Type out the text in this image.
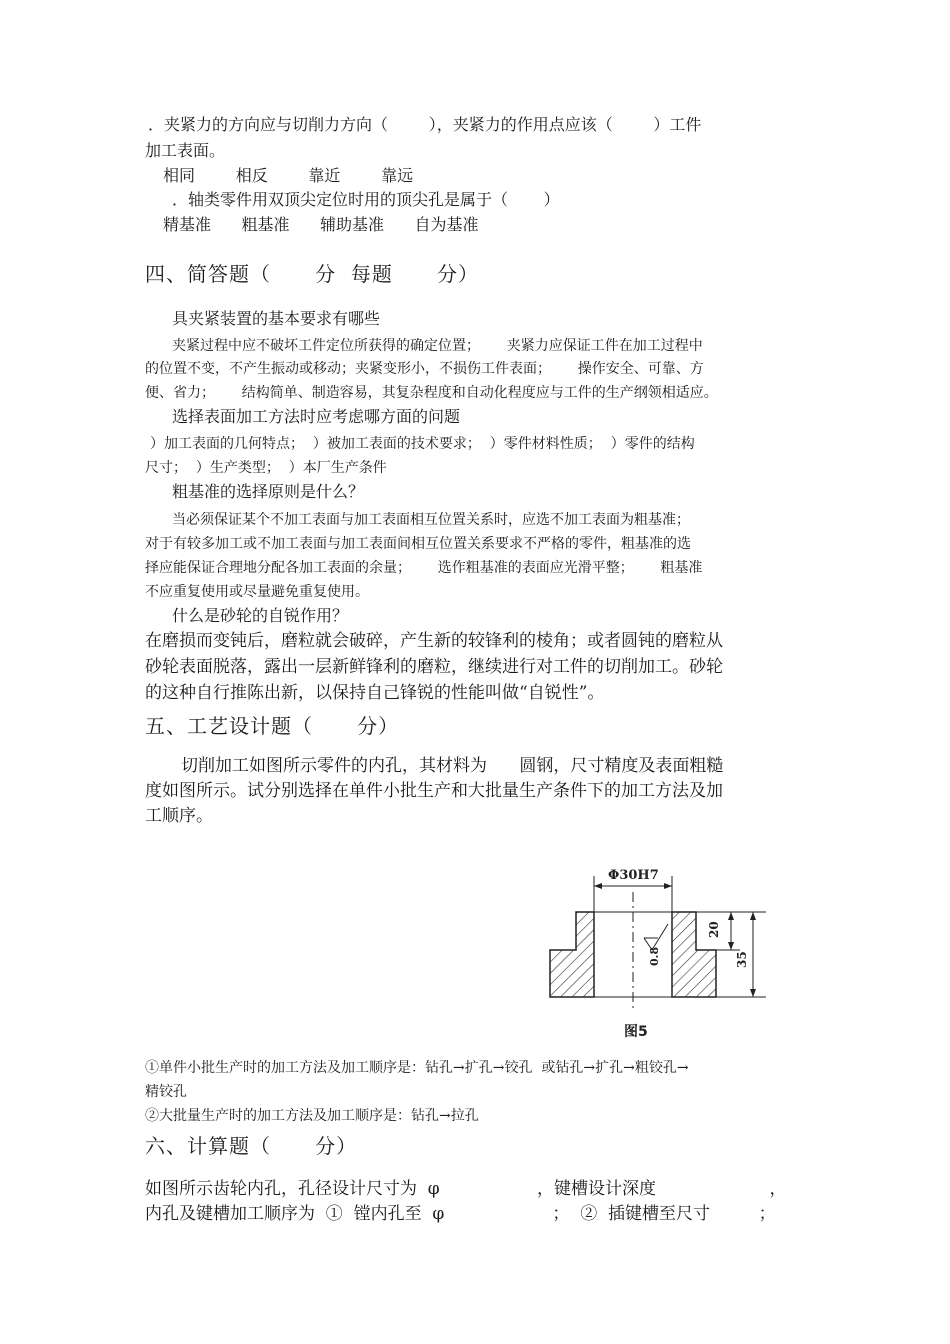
．夹紧力的方向应与切削力方向（        ），夹紧力的作用点应该（        ）工件
加工表面。
相同        相反        靠近        靠远
．轴类零件用双顶尖定位时用的顶尖孔是属于（       ）
精基准      粗基准      辅助基准      自为基准
四、简答题（      分  每题      分）
具夹紧装置的基本要求有哪些
夹紧过程中应不破坏工件定位所获得的确定位置；      夹紧力应保证工件在加工过程中
的位置不变，不产生振动或移动；夹紧变形小，不损伤工件表面；      操作安全、可靠、方
便、省力；      结构简单、制造容易，其复杂程度和自动化程度应与工件的生产纲领相适应。
选择表面加工方法时应考虑哪方面的问题
）加工表面的几何特点；  ）被加工表面的技术要求；  ）零件材料性质；  ）零件的结构
尺寸；  ）生产类型；  ）本厂生产条件
粗基准的选择原则是什么？
当必须保证某个不加工表面与加工表面相互位置关系时，应选不加工表面为粗基准；
对于有较多加工或不加工表面与加工表面间相互位置关系要求不严格的零件，粗基准的选
择应能保证合理地分配各加工表面的余量；      选作粗基准的表面应光滑平整；      粗基准
不应重复使用或尽量避免重复使用。
什么是砂轮的自锐作用？
在磨损而变钝后，磨粒就会破碎，产生新的较锋利的棱角；或者圆钝的磨粒从
砂轮表面脱落，露出一层新鲜锋利的磨粒，继续进行对工件的切削加工。砂轮
的这种自行推陈出新，以保持自己锋锐的性能叫做“自锐性”。
五、工艺设计题（      分）
切削加工如图所示零件的内孔，其材料为      圆钢，尺寸精度及表面粗糙
度如图所示。试分别选择在单件小批生产和大批量生产条件下的加工方法及加
工顺序。
Φ30H7
20
35
0.8
图5
①单件小批生产时的加工方法及加工顺序是：钻孔→扩孔→铰孔  或钻孔→扩孔→粗铰孔→
精铰孔
②大批量生产时的加工方法及加工顺序是：钻孔→拉孔
六、计算题（      分）
如图所示齿轮内孔，孔径设计尺寸为  φ                  ，键槽设计深度                     ，
内孔及键槽加工顺序为  ①  镗内孔至  φ                    ；  ②  插键槽至尺寸         ；
